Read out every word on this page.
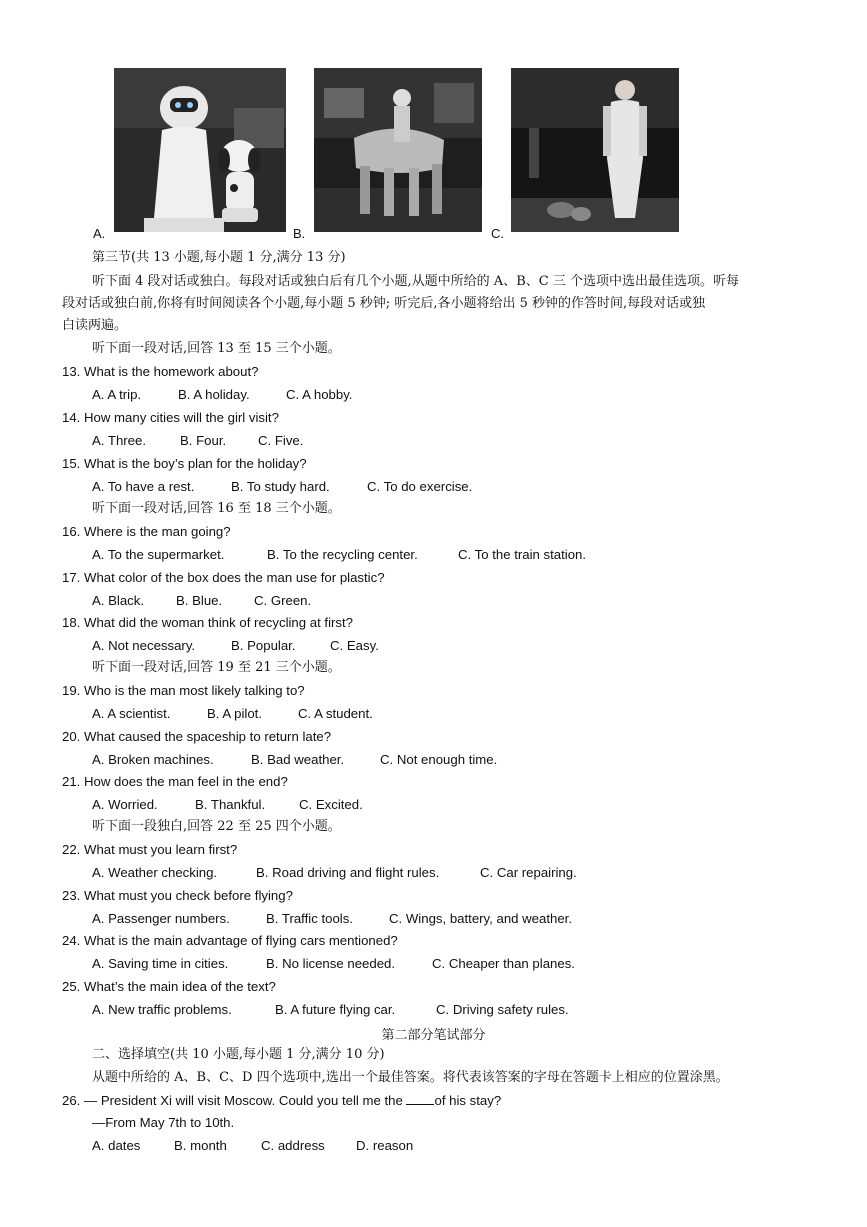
A.	B.	C.
第三节(共 13 小题,每小题 1 分,满分 13 分)
听下面 4 段对话或独白。每段对话或独白后有几个小题,从题中所给的 A、B、C 三 个选项中选出最佳选项。听每
段对话或独白前,你将有时间阅读各个小题,每小题 5 秒钟; 听完后,各小题将给出 5 秒钟的作答时间,每段对话或独
白读两遍。
听下面一段对话,回答 13 至 15 三个小题。
13. What is the homework about?
A. A trip.	B. A holiday.	C. A hobby.
14. How many cities will the girl visit?
A. Three.	B. Four. C. Five.
15. What is the boy’s plan for the holiday?
A. To have a rest.	B. To study hard.	C. To do exercise.
听下面一段对话,回答 16 至 18 三个小题。
16. Where is the man going?
A. To the supermarket.	B. To the recycling center.	C. To the train station.
17. What color of the box does the man use for plastic?
A. Black. B. Blue. C. Green.
18. What did the woman think of recycling at first?
A. Not necessary.	B. Popular.	C. Easy.
听下面一段对话,回答 19 至 21 三个小题。
19. Who is the man most likely talking to?
A. A scientist.	B. A pilot.	C. A student.
20. What caused the spaceship to return late?
A. Broken machines.	B. Bad weather.	C. Not enough time.
21. How does the man feel in the end?
A. Worried.	B. Thankful.	C. Excited.
听下面一段独白,回答 22 至 25 四个小题。
22. What must you learn first?
A. Weather checking.	B. Road driving and flight rules.	C. Car repairing.
23. What must you check before flying?
A. Passenger numbers.	B. Traffic tools.	C. Wings, battery, and weather.
24. What is the main advantage of flying cars mentioned?
A. Saving time in cities.	B. No license needed.	C. Cheaper than planes.
25. What’s the main idea of the text?
A. New traffic problems.	B. A future flying car.	C. Driving safety rules.
第二部分笔试部分
二、选择填空(共 10 小题,每小题 1 分,满分 10 分)
从题中所给的 A、B、C、D 四个选项中,选出一个最佳答案。将代表该答案的字母在答题卡上相应的位置涂黑。
26. — President Xi will visit Moscow. Could you tell me the of his stay?
—From May 7th to 10th.
A. dates	B. month	C. address D. reason
